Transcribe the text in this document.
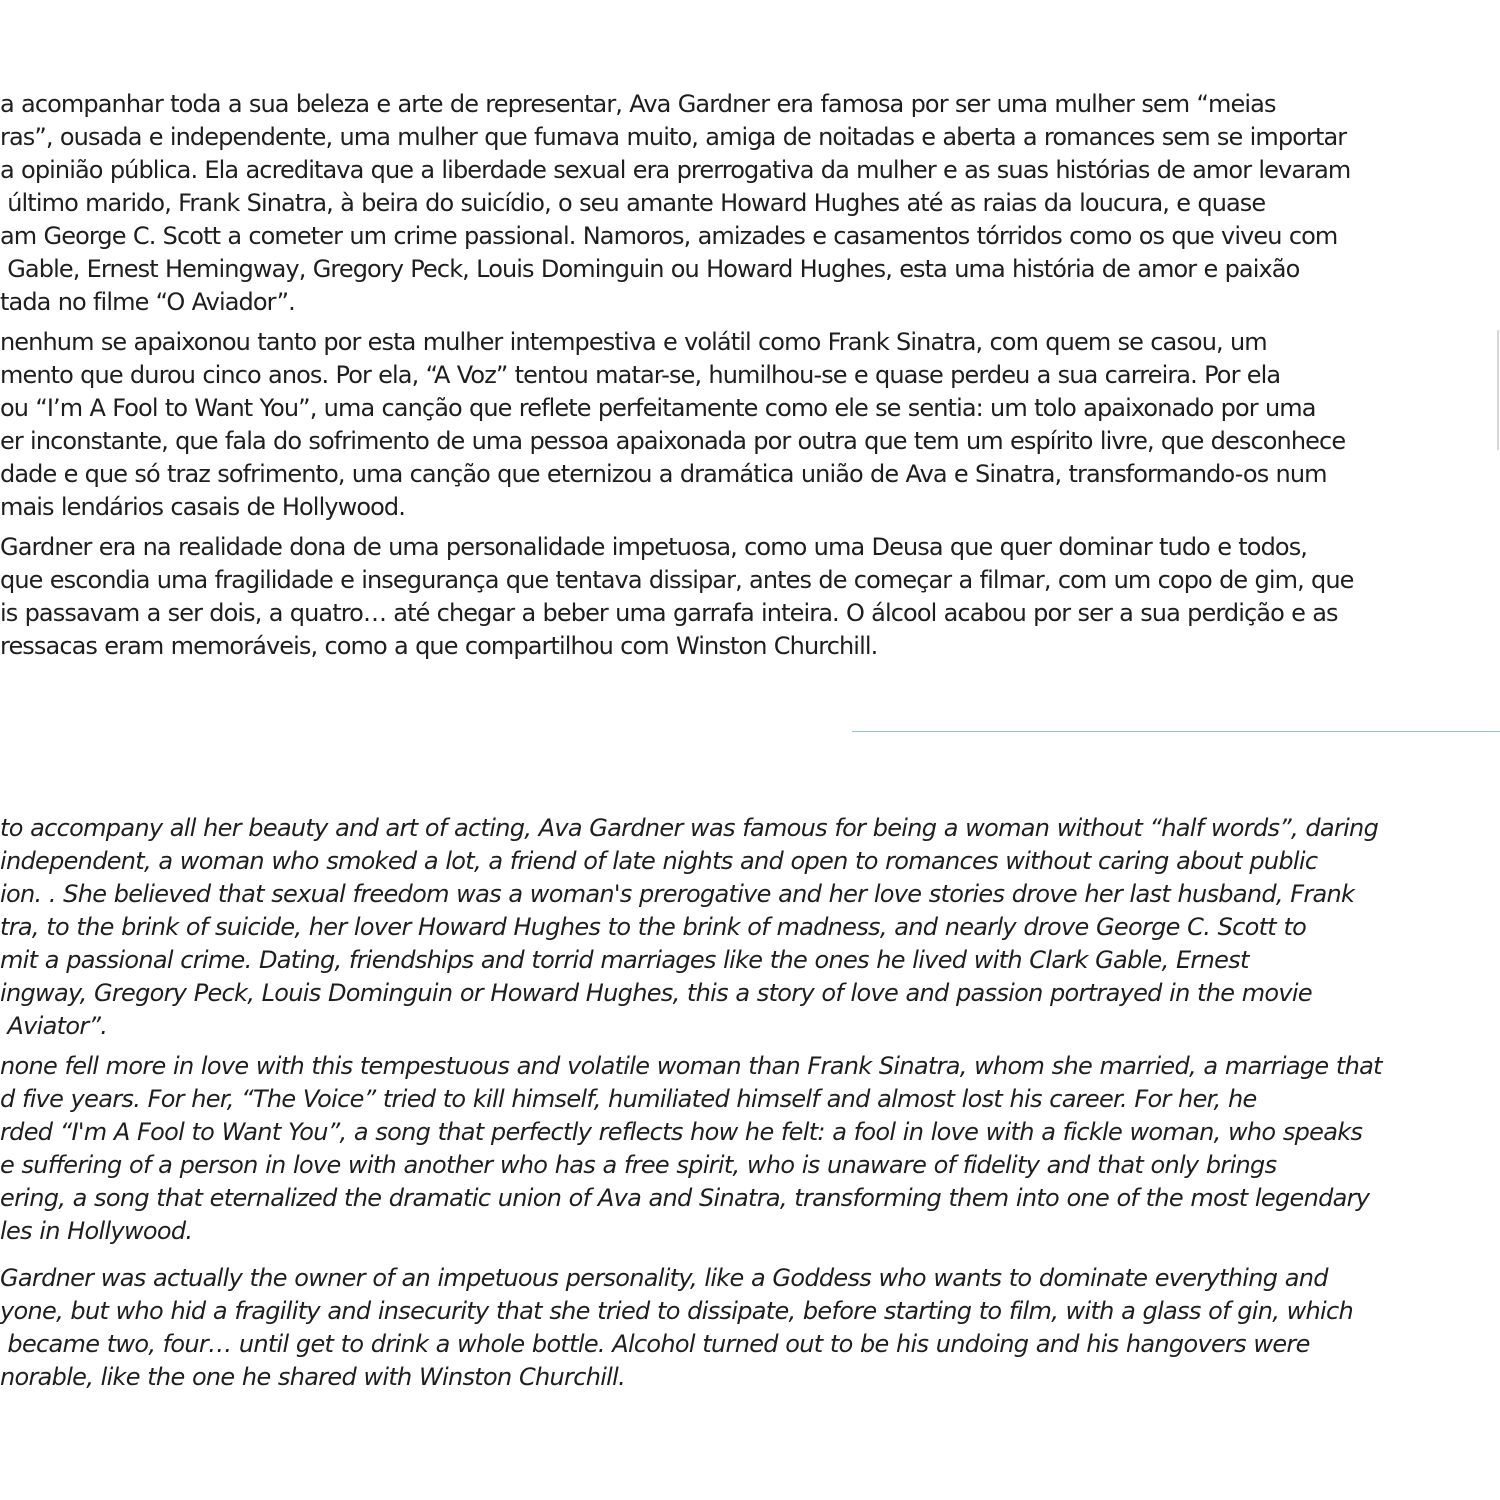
a acompanhar toda a sua beleza e arte de representar, Ava Gardner era famosa por ser uma mulher sem “meias
ras”, ousada e independente, uma mulher que fumava muito, amiga de noitadas e aberta a romances sem se importar
a opinião pública. Ela acreditava que a liberdade sexual era prerrogativa da mulher e as suas histórias de amor levaram
último marido, Frank Sinatra, à beira do suicídio, o seu amante Howard Hughes até as raias da loucura, e quase
am George C. Scott a cometer um crime passional. Namoros, amizades e casamentos tórridos como os que viveu com
Gable, Ernest Hemingway, Gregory Peck, Louis Dominguin ou Howard Hughes, esta uma história de amor e paixão
tada no filme “O Aviador”.
nenhum se apaixonou tanto por esta mulher intempestiva e volátil como Frank Sinatra, com quem se casou, um
mento que durou cinco anos. Por ela, “A Voz” tentou matar-se, humilhou-se e quase perdeu a sua carreira. Por ela
ou “I’m A Fool to Want You”, uma canção que reflete perfeitamente como ele se sentia: um tolo apaixonado por uma
er inconstante, que fala do sofrimento de uma pessoa apaixonada por outra que tem um espírito livre, que desconhece
dade e que só traz sofrimento, uma canção que eternizou a dramática união de Ava e Sinatra, transformando-os num
mais lendários casais de Hollywood.
Gardner era na realidade dona de uma personalidade impetuosa, como uma Deusa que quer dominar tudo e todos,
que escondia uma fragilidade e insegurança que tentava dissipar, antes de começar a filmar, com um copo de gim, que
is passavam a ser dois, a quatro… até chegar a beber uma garrafa inteira. O álcool acabou por ser a sua perdição e as
ressacas eram memoráveis, como a que compartilhou com Winston Churchill.
to accompany all her beauty and art of acting, Ava Gardner was famous for being a woman without “half words”, daring
independent, a woman who smoked a lot, a friend of late nights and open to romances without caring about public
ion. . She believed that sexual freedom was a woman's prerogative and her love stories drove her last husband, Frank
tra, to the brink of suicide, her lover Howard Hughes to the brink of madness, and nearly drove George C. Scott to
mit a passional crime. Dating, friendships and torrid marriages like the ones he lived with Clark Gable, Ernest
ingway, Gregory Peck, Louis Dominguin or Howard Hughes, this a story of love and passion portrayed in the movie
Aviator”.
none fell more in love with this tempestuous and volatile woman than Frank Sinatra, whom she married, a marriage that
d five years. For her, “The Voice” tried to kill himself, humiliated himself and almost lost his career. For her, he
rded “I'm A Fool to Want You”, a song that perfectly reflects how he felt: a fool in love with a fickle woman, who speaks
e suffering of a person in love with another who has a free spirit, who is unaware of fidelity and that only brings
ering, a song that eternalized the dramatic union of Ava and Sinatra, transforming them into one of the most legendary
les in Hollywood.
Gardner was actually the owner of an impetuous personality, like a Goddess who wants to dominate everything and
yone, but who hid a fragility and insecurity that she tried to dissipate, before starting to film, with a glass of gin, which
became two, four… until get to drink a whole bottle. Alcohol turned out to be his undoing and his hangovers were
norable, like the one he shared with Winston Churchill.
